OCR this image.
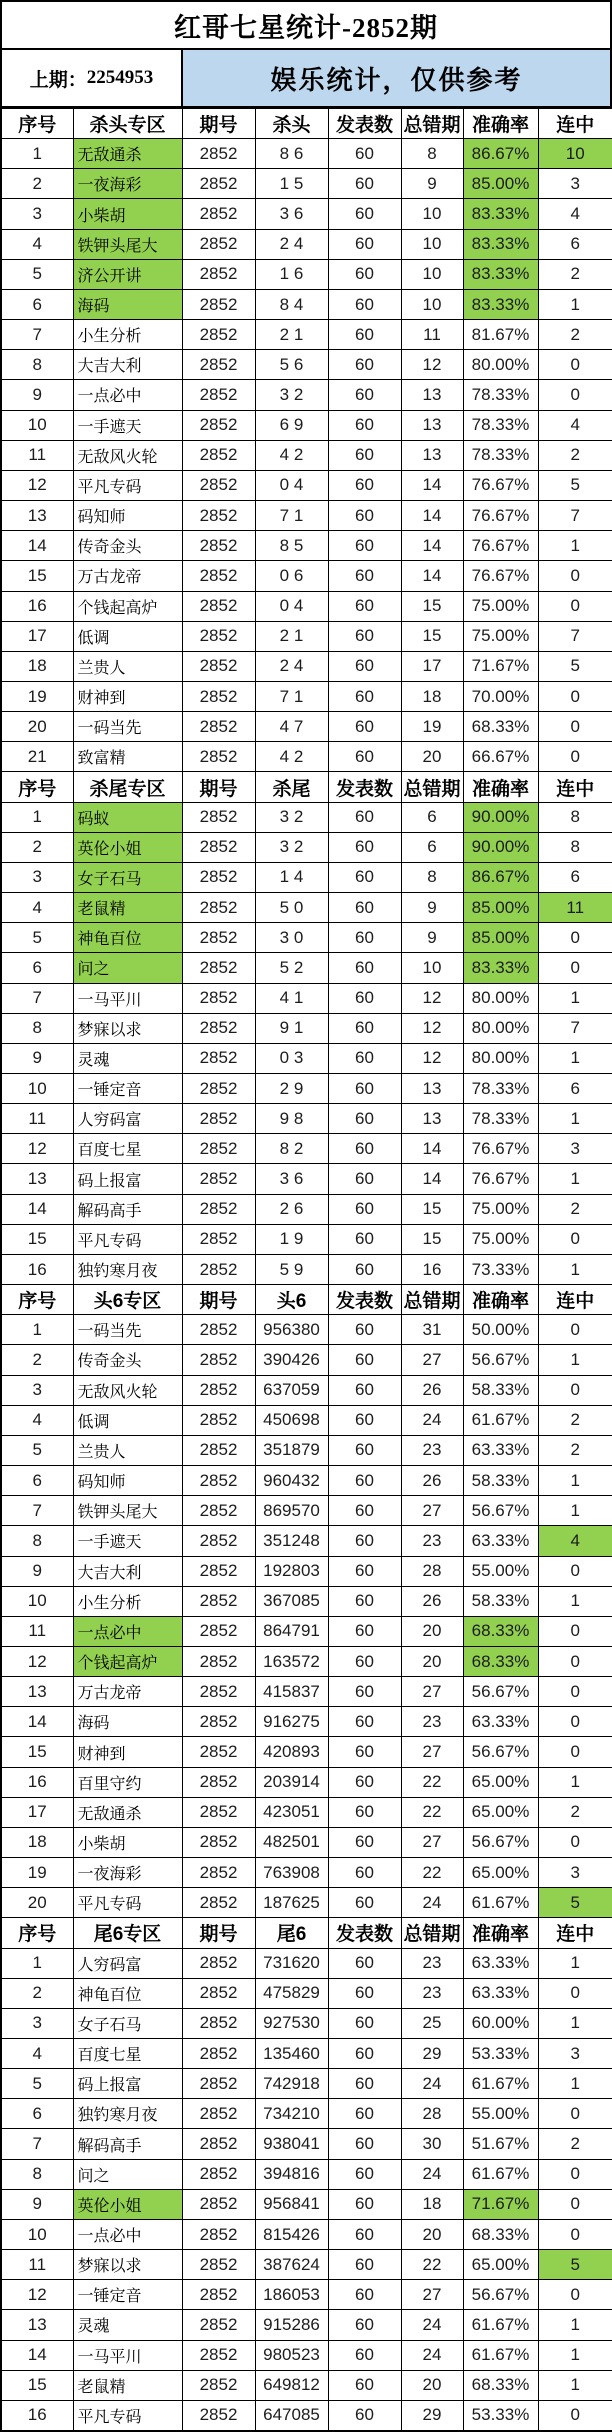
红哥七星统计-2852期
上期： 2254953	娱乐统计，仅供参考
序号	杀头专区	期号	杀头	发表数	总错期	准确率	连中
1	无敌通杀	2852	8 6	60	8	86.67%	10
2	一夜海彩	2852	1 5	60	9	85.00%	3
3	小柴胡	2852	3 6	60	10	83.33%	4
4	铁钾头尾大	2852	2 4	60	10	83.33%	6
5	济公开讲	2852	1 6	60	10	83.33%	2
6	海码	2852	8 4	60	10	83.33%	1
7	小生分析	2852	2 1	60	11	81.67%	2
8	大吉大利	2852	5 6	60	12	80.00%	0
9	一点必中	2852	3 2	60	13	78.33%	0
10	一手遮天	2852	6 9	60	13	78.33%	4
11	无敌风火轮	2852	4 2	60	13	78.33%	2
12	平凡专码	2852	0 4	60	14	76.67%	5
13	码知师	2852	7 1	60	14	76.67%	7
14	传奇金头	2852	8 5	60	14	76.67%	1
15	万古龙帝	2852	0 6	60	14	76.67%	0
16	个钱起高炉	2852	0 4	60	15	75.00%	0
17	低调	2852	2 1	60	15	75.00%	7
18	兰贵人	2852	2 4	60	17	71.67%	5
19	财神到	2852	7 1	60	18	70.00%	0
20	一码当先	2852	4 7	60	19	68.33%	0
21	致富精	2852	4 2	60	20	66.67%	0
序号	杀尾专区	期号	杀尾	发表数	总错期	准确率	连中
1	码蚁	2852	3 2	60	6	90.00%	8
2	英伦小姐	2852	3 2	60	6	90.00%	8
3	女子石马	2852	1 4	60	8	86.67%	6
4	老鼠精	2852	5 0	60	9	85.00%	11
5	神龟百位	2852	3 0	60	9	85.00%	0
6	问之	2852	5 2	60	10	83.33%	0
7	一马平川	2852	4 1	60	12	80.00%	1
8	梦寐以求	2852	9 1	60	12	80.00%	7
9	灵魂	2852	0 3	60	12	80.00%	1
10	一锤定音	2852	2 9	60	13	78.33%	6
11	人穷码富	2852	9 8	60	13	78.33%	1
12	百度七星	2852	8 2	60	14	76.67%	3
13	码上报富	2852	3 6	60	14	76.67%	1
14	解码高手	2852	2 6	60	15	75.00%	2
15	平凡专码	2852	1 9	60	15	75.00%	0
16	独钓寒月夜	2852	5 9	60	16	73.33%	1
序号	头6专区	期号	头6	发表数	总错期	准确率	连中
1	一码当先	2852	956380	60	31	50.00%	0
2	传奇金头	2852	390426	60	27	56.67%	1
3	无敌风火轮	2852	637059	60	26	58.33%	0
4	低调	2852	450698	60	24	61.67%	2
5	兰贵人	2852	351879	60	23	63.33%	2
6	码知师	2852	960432	60	26	58.33%	1
7	铁钾头尾大	2852	869570	60	27	56.67%	1
8	一手遮天	2852	351248	60	23	63.33%	4
9	大吉大利	2852	192803	60	28	55.00%	0
10	小生分析	2852	367085	60	26	58.33%	1
11	一点必中	2852	864791	60	20	68.33%	0
12	个钱起高炉	2852	163572	60	20	68.33%	0
13	万古龙帝	2852	415837	60	27	56.67%	0
14	海码	2852	916275	60	23	63.33%	0
15	财神到	2852	420893	60	27	56.67%	0
16	百里守约	2852	203914	60	22	65.00%	1
17	无敌通杀	2852	423051	60	22	65.00%	2
18	小柴胡	2852	482501	60	27	56.67%	0
19	一夜海彩	2852	763908	60	22	65.00%	3
20	平凡专码	2852	187625	60	24	61.67%	5
序号	尾6专区	期号	尾6	发表数	总错期	准确率	连中
1	人穷码富	2852	731620	60	23	63.33%	1
2	神龟百位	2852	475829	60	23	63.33%	0
3	女子石马	2852	927530	60	25	60.00%	1
4	百度七星	2852	135460	60	29	53.33%	3
5	码上报富	2852	742918	60	24	61.67%	1
6	独钓寒月夜	2852	734210	60	28	55.00%	0
7	解码高手	2852	938041	60	30	51.67%	2
8	问之	2852	394816	60	24	61.67%	0
9	英伦小姐	2852	956841	60	18	71.67%	0
10	一点必中	2852	815426	60	20	68.33%	0
11	梦寐以求	2852	387624	60	22	65.00%	5
12	一锤定音	2852	186053	60	27	56.67%	0
13	灵魂	2852	915286	60	24	61.67%	1
14	一马平川	2852	980523	60	24	61.67%	1
15	老鼠精	2852	649812	60	20	68.33%	1
16	平凡专码	2852	647085	60	29	53.33%	0
